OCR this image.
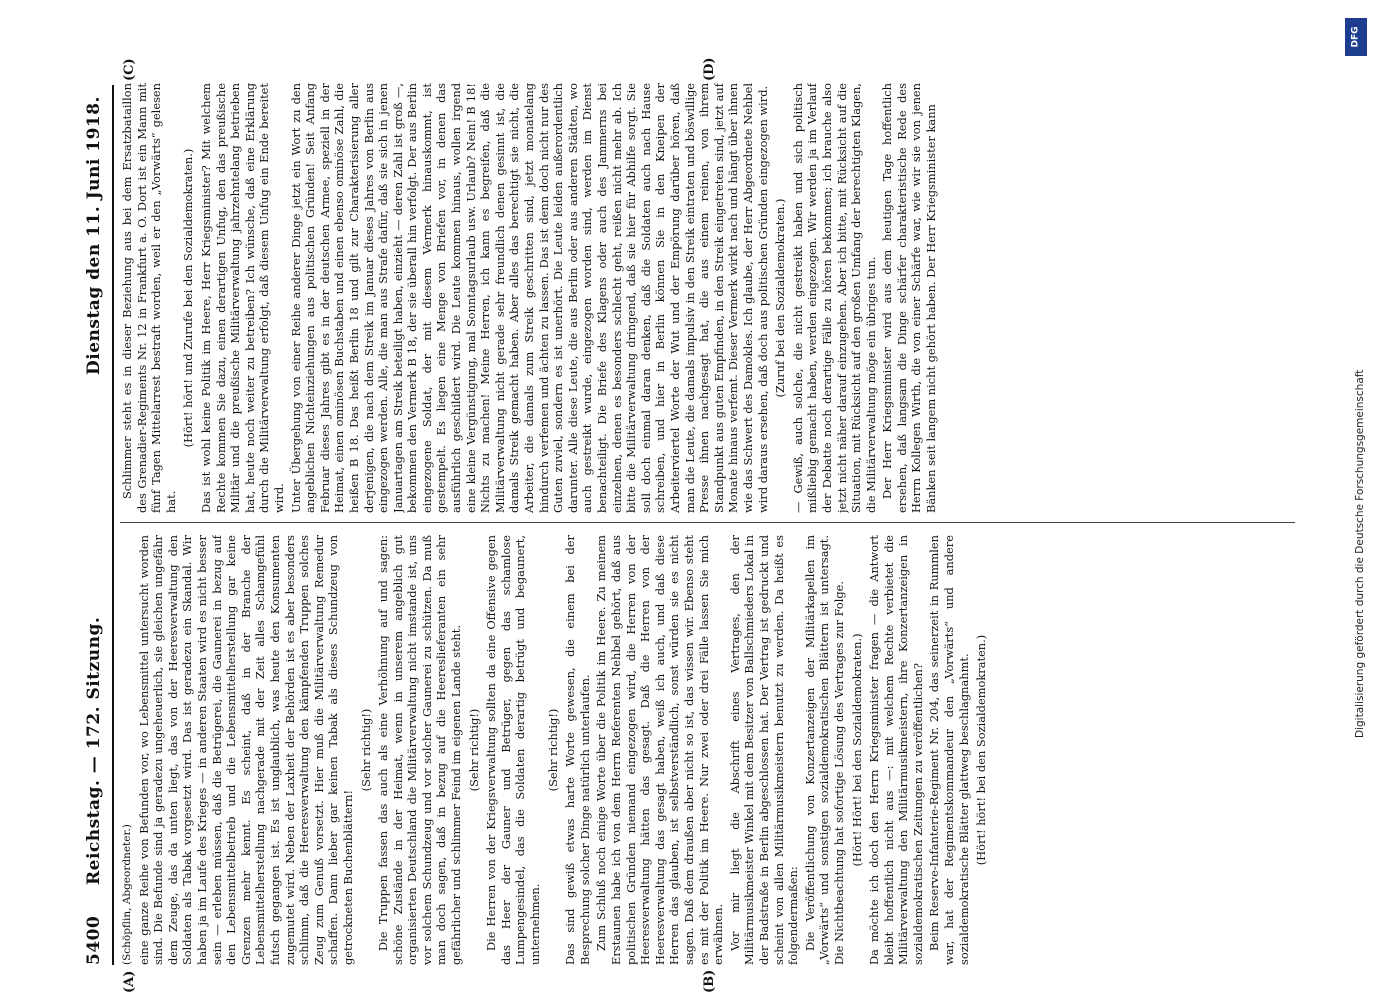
5400
Reichstag. — 172. Sitzung.
Dienstag den 11. Juni 1918.

(Schöpflin, Abgeordneter.) eine ganze Reihe von Befunden vor, wo Lebensmittel untersucht worden sind. Die Befunde sind ja geradezu ungeheuerlich, sie gleichen ungefähr dem Zeuge, das da unten liegt, das von der Heeresverwaltung den Soldaten als Tabak vorgesetzt wird. Das ist geradezu ein Skandal. Wir haben ja im Laufe des Krieges — in anderen Staaten wird es nicht besser sein — erleben müssen, daß die Betrügerei, die Gaunerei in bezug auf den Lebensmittelbetrieb und die Lebensmittelherstellung gar keine Grenzen mehr kennt. Es scheint, daß in der Branche der Lebensmittelherstellung nachgerade mit der Zeit alles Schamgefühl futsch gegangen ist. Es ist unglaublich, was heute den Konsumenten zugemutet wird. Neben der Laxheit der Behörden ist es aber besonders schlimm, daß die Heeresverwaltung den kämpfenden Truppen solches Zeug zum Genuß vorsetzt. Hier muß die Militärverwaltung Remedur schaffen. Dann lieber gar keinen Tabak als dieses Schundzeug von getrockneten Buchenblättern!

(Sehr richtig!) Die Truppen fassen das auch als eine Verhöhnung auf und sagen: schöne Zustände in der Heimat, wenn in unserem angeblich gut organisierten Deutschland die Militärverwaltung nicht imstande ist, uns vor solchem Schundzeug und vor solcher Gaunerei zu schützen. Da muß man doch sagen, daß in bezug auf die Heereslieferanten ein sehr gefährlicher und schlimmer Feind im eigenen Lande steht. (Sehr richtig!) Die Herren von der Kriegsverwaltung sollten da eine Offensive gegen das Heer der Gauner und Betrüger, gegen das schamlose Lumpengesindel, das die Soldaten derartig betrügt und begaunert, unternehmen.

(Sehr richtig!) Das sind gewiß etwas harte Worte gewesen, die einem bei der Besprechung solcher Dinge natürlich unterlaufen. Zum Schluß noch einige Worte über die Politik im Heere. Zu meinem Erstaunen habe ich von dem Herrn Referenten Nehbel gehört, daß aus politischen Gründen niemand eingezogen wird, die Herren von der Heeresverwaltung hätten das gesagt. Daß die Herren von der Heeresverwaltung das gesagt haben, weiß ich auch, und daß diese Herren das glauben, ist selbstverständlich, sonst würden sie es nicht sagen. Daß dem draußen aber nicht so ist, das wissen wir. Ebenso steht es mit der Politik im Heere. Nur zwei oder drei Fälle lassen Sie mich erwähnen. Vor mir liegt die Abschrift eines Vertrages, den der Militärmusikmeister Winkel mit dem Besitzer von Ballschmieders Lokal in der Badstraße in Berlin abgeschlossen hat. Der Vertrag ist gedruckt und scheint von allen Militärmusikmeistern benutzt zu werden. Da heißt es folgendermaßen: Die Veröffentlichung von Konzertanzeigen der Militärkapellen im „Vorwärts“ und sonstigen sozialdemokratischen Blättern ist untersagt. Die Nichtbeachtung hat sofortige Lösung des Vertrages zur Folge. (Hört! Hört! bei den Sozialdemokraten.) Da möchte ich doch den Herrn Kriegsminister fragen — die Antwort bleibt hoffentlich nicht aus —: mit welchem Rechte verbietet die Militärverwaltung den Militärmusikmeistern, ihre Konzertanzeigen in sozialdemokratischen Zeitungen zu veröffentlichen? Beim Reserve-Infanterie-Regiment Nr. 204, das seinerzeit in Rummlen war, hat der Regimentskommandeur den „Vorwärts“ und andere sozialdemokratische Blätter glattweg beschlagnahmt. (Hört! hört! bei den Sozialdemokraten.)

Schlimmer steht es in dieser Beziehung aus bei dem Ersatzbataillon des Grenadier-Regiments Nr. 12 in Frankfurt a. O. Dort ist ein Mann mit fünf Tagen Mittelarrest bestraft worden, weil er den „Vorwärts“ gelesen hat.

(Hört! hört! und Zurufe bei den Sozialdemokraten.) Das ist wohl keine Politik im Heere, Herr Kriegsminister? Mit welchem Rechte kommen Sie dazu, einen derartigen Unfug, den das preußische Militär und die preußische Militärverwaltung jahrzehntelang betrieben hat, heute noch weiter zu betreiben? Ich wünsche, daß eine Erklärung durch die Militärverwaltung erfolgt, daß diesem Unfug ein Ende bereitet wird. Unter Übergehung von einer Reihe anderer Dinge jetzt ein Wort zu den angeblichen Nichteinziehungen aus politischen Gründen! Seit Anfang Februar dieses Jahres gibt es in der deutschen Armee, speziell in der Heimat, einen ominösen Buchstaben und einen ebenso ominöse Zahl, die heißen B 18. Das heißt Berlin 18 und gilt zur Charakterisierung aller derjenigen, die nach dem Streik im Januar dieses Jahres von Berlin aus eingezogen werden. Alle, die man aus Strafe dafür, daß sie sich in jenen Januartagen am Streik beteiligt haben, einzieht — deren Zahl ist groß —, bekommen den Vermerk B 18, der sie überall hin verfolgt. Der aus Berlin eingezogene Soldat, der mit diesem Vermerk hinauskommt, ist gestempelt. Es liegen eine Menge von Briefen vor, in denen das ausführlich geschildert wird. Die Leute kommen hinaus, wollen irgend eine kleine Vergünstigung, mal Sonntagsurlaub usw. Urlaub? Nein! B 18! Nichts zu machen! Meine Herren, ich kann es begreifen, daß die Militärverwaltung nicht gerade sehr freundlich denen gesinnt ist, die damals Streik gemacht haben. Aber alles das berechtigt sie nicht, die Arbeiter, die damals zum Streik geschritten sind, jetzt monatelang hindurch verfemen und ächten zu lassen. Das ist denn doch nicht nur des Guten zuviel, sondern es ist unerhört. Die Leute leiden außerordentlich darunter. Alle diese Leute, die aus Berlin oder aus anderen Städten, wo auch gestreikt wurde, eingezogen worden sind, werden im Dienst benachteiligt. Die Briefe des Klagens oder auch des Jammerns bei einzelnen, denen es besonders schlecht geht, reißen nicht mehr ab. Ich bitte die Militärverwaltung dringend, daß sie hier für Abhilfe sorgt. Sie soll doch einmal daran denken, daß die Soldaten auch nach Hause schreiben, und hier in Berlin können Sie in den Kneipen der Arbeiterviertel Worte der Wut und der Empörung darüber hören, daß man die Leute, die damals impulsiv in den Streik eintraten und böswillige Presse ihnen nachgesagt hat, die aus einem reinen, von ihrem Standpunkt aus guten Empfinden, in den Streik eingetreten sind, jetzt auf Monate hinaus verfemt. Dieser Vermerk wirkt nach und hängt über ihnen wie das Schwert des Damokles. Ich glaube, der Herr Abgeordnete Nehbel wird daraus ersehen, daß doch aus politischen Gründen eingezogen wird. (Zuruf bei den Sozialdemokraten.) — Gewiß, auch solche, die nicht gestreikt haben und sich politisch mißliebig gemacht haben, werden eingezogen. Wir werden ja im Verlauf der Debatte noch derartige Fälle zu hören bekommen; ich brauche also jetzt nicht näher darauf einzugehen. Aber ich bitte, mit Rücksicht auf die Situation, mit Rücksicht auf den großen Umfang der berechtigten Klagen, die Militärverwaltung möge ein übriges tun. Der Herr Kriegsminister wird aus dem heutigen Tage hoffentlich ersehen, daß langsam die Dinge schärfer charakteristische Rede des Herrn Kollegen Wirth, die von einer Schärfe war, wie wir sie von jenen Bänken seit langem nicht gehört haben. Der Herr Kriegsminister kann

(A)	(B)
(C)	(D)
DFG
Digitalisierung gefördert durch die Deutsche Forschungsgemeinschaft
